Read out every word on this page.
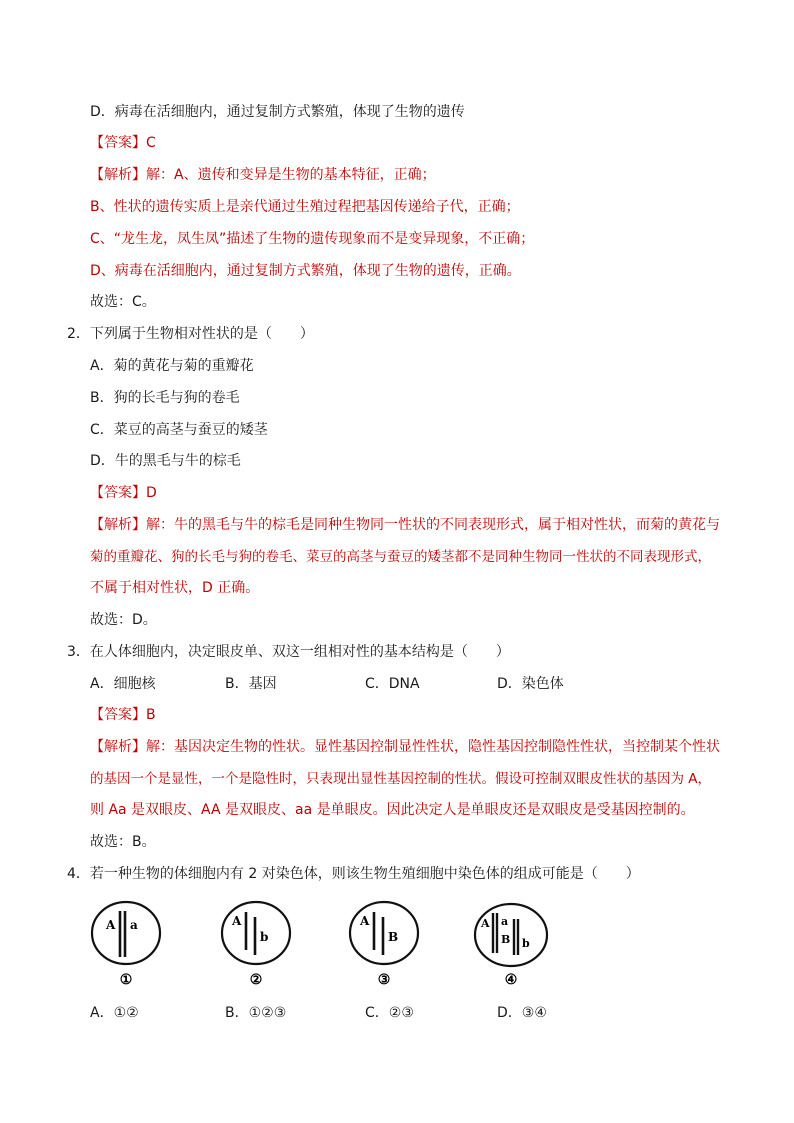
D．病毒在活细胞内，通过复制方式繁殖，体现了生物的遗传
【答案】C
【解析】解：A、遗传和变异是生物的基本特征，正确；
B、性状的遗传实质上是亲代通过生殖过程把基因传递给子代，正确；
C、“龙生龙，凤生凤”描述了生物的遗传现象而不是变异现象，不正确；
D、病毒在活细胞内，通过复制方式繁殖，体现了生物的遗传，正确。
故选：C。
2．下列属于生物相对性状的是（　　）
A．菊的黄花与菊的重瓣花
B．狗的长毛与狗的卷毛
C．菜豆的高茎与蚕豆的矮茎
D．牛的黑毛与牛的棕毛
【答案】D
【解析】解：牛的黑毛与牛的棕毛是同种生物同一性状的不同表现形式，属于相对性状，而菊的黄花与
菊的重瓣花、狗的长毛与狗的卷毛、菜豆的高茎与蚕豆的矮茎都不是同种生物同一性状的不同表现形式，
不属于相对性状，D 正确。
故选：D。
3．在人体细胞内，决定眼皮单、双这一组相对性的基本结构是（　　）
A．细胞核	B．基因	C．DNA	D．染色体
【答案】B
【解析】解：基因决定生物的性状。显性基因控制显性性状，隐性基因控制隐性性状，当控制某个性状
的基因一个是显性，一个是隐性时，只表现出显性基因控制的性状。假设可控制双眼皮性状的基因为 A，
则 Aa 是双眼皮、AA 是双眼皮、aa 是单眼皮。因此决定人是单眼皮还是双眼皮是受基因控制的。
故选：B。
4．若一种生物的体细胞内有 2 对染色体，则该生物生殖细胞中染色体的组成可能是（　　）
A a
①
A
b
②
A
B
③
A a
B b
④
A．①②	B．①②③	C．②③	D．③④
